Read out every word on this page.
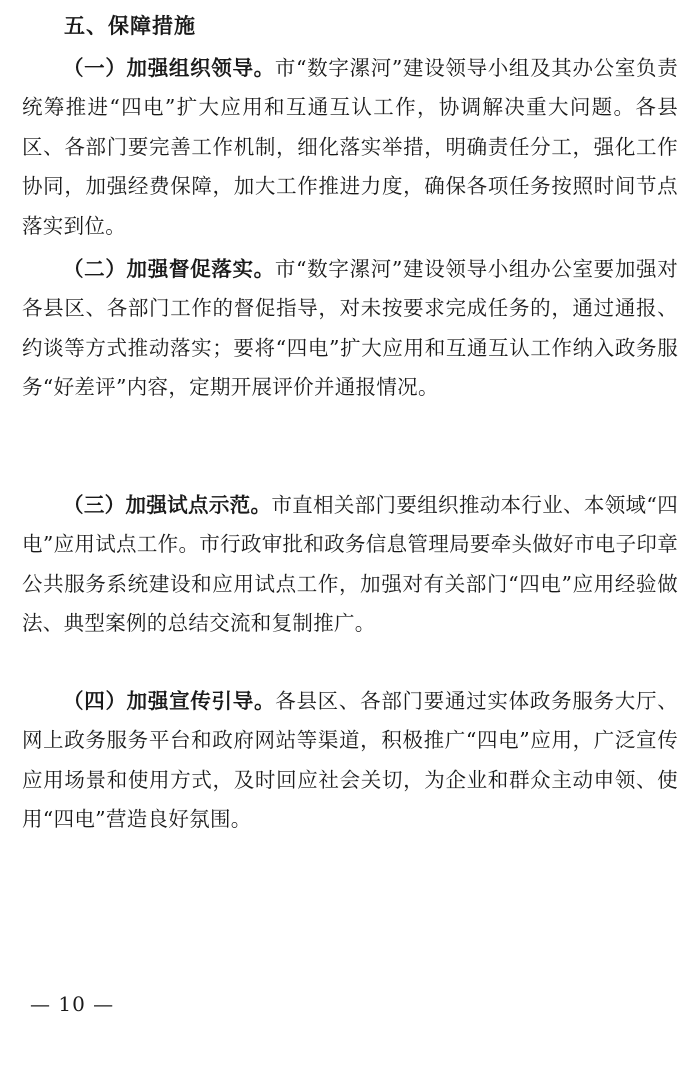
五、保障措施

（一）加强组织领导。市“数字漯河”建设领导小组及其办公室负责统筹推进“四电”扩大应用和互通互认工作，协调解决重大问题。各县区、各部门要完善工作机制，细化落实举措，明确责任分工，强化工作协同，加强经费保障，加大工作推进力度，确保各项任务按照时间节点落实到位。

（二）加强督促落实。市“数字漯河”建设领导小组办公室要加强对各县区、各部门工作的督促指导，对未按要求完成任务的，通过通报、约谈等方式推动落实；要将“四电”扩大应用和互通互认工作纳入政务服务“好差评”内容，定期开展评价并通报情况。

（三）加强试点示范。市直相关部门要组织推动本行业、本领域“四电”应用试点工作。市行政审批和政务信息管理局要牵头做好市电子印章公共服务系统建设和应用试点工作，加强对有关部门“四电”应用经验做法、典型案例的总结交流和复制推广。

（四）加强宣传引导。各县区、各部门要通过实体政务服务大厅、网上政务服务平台和政府网站等渠道，积极推广“四电”应用，广泛宣传应用场景和使用方式，及时回应社会关切，为企业和群众主动申领、使用“四电”营造良好氛围。

— 10 —
